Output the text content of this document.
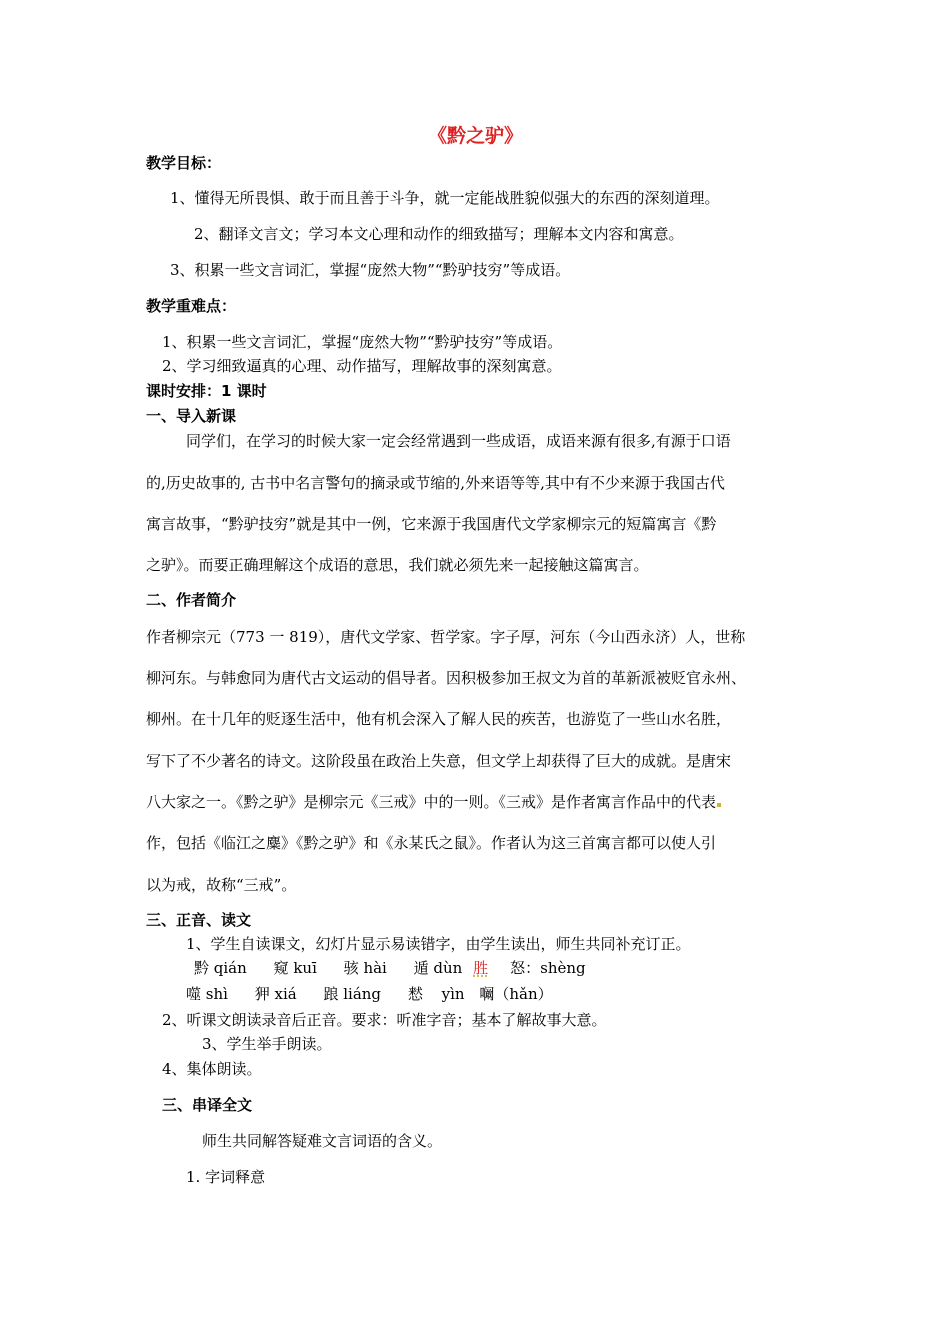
《黔之驴》
教学目标：
1、懂得无所畏惧、敢于而且善于斗争，就一定能战胜貌似强大的东西的深刻道理。
2、翻译文言文；学习本文心理和动作的细致描写；理解本文内容和寓意。
3、积累一些文言词汇，掌握“庞然大物”“黔驴技穷”等成语。
教学重难点：
1、积累一些文言词汇，掌握“庞然大物”“黔驴技穷”等成语。
2、学习细致逼真的心理、动作描写，理解故事的深刻寓意。
课时安排：1 课时
一、导入新课
同学们，在学习的时候大家一定会经常遇到一些成语，成语来源有很多,有源于口语
的,历史故事的, 古书中名言警句的摘录或节缩的,外来语等等,其中有不少来源于我国古代
寓言故事，“黔驴技穷”就是其中一例，它来源于我国唐代文学家柳宗元的短篇寓言《黔
之驴》。而要正确理解这个成语的意思，我们就必须先来一起接触这篇寓言。
二、作者简介
作者柳宗元（773 一 819），唐代文学家、哲学家。字子厚，河东（今山西永济）人，世称
柳河东。与韩愈同为唐代古文运动的倡导者。因积极参加王叔文为首的革新派被贬官永州、
柳州。在十几年的贬逐生活中，他有机会深入了解人民的疾苦，也游览了一些山水名胜，
写下了不少著名的诗文。这阶段虽在政治上失意，但文学上却获得了巨大的成就。是唐宋
八大家之一。《黔之驴》是柳宗元《三戒》中的一则。《三戒》是作者寓言作品中的代表
作，包括《临江之麋》《黔之驴》和《永某氏之鼠》。作者认为这三首寓言都可以使人引
以为戒，故称“三戒”。
三、正音、读文
1、学生自读课文，幻灯片显示易读错字，由学生读出，师生共同补充订正。
黔 qián 窥 kuī 骇 hài 遁 dùn 胜 怒：shèng
噬 shì 狎 xiá 踉 liáng 慭 yìn 㘎（hǎn）
2、听课文朗读录音后正音。要求：听准字音；基本了解故事大意。
3、学生举手朗读。
4、集体朗读。
三、串译全文
师生共同解答疑难文言词语的含义。
1. 字词释意
